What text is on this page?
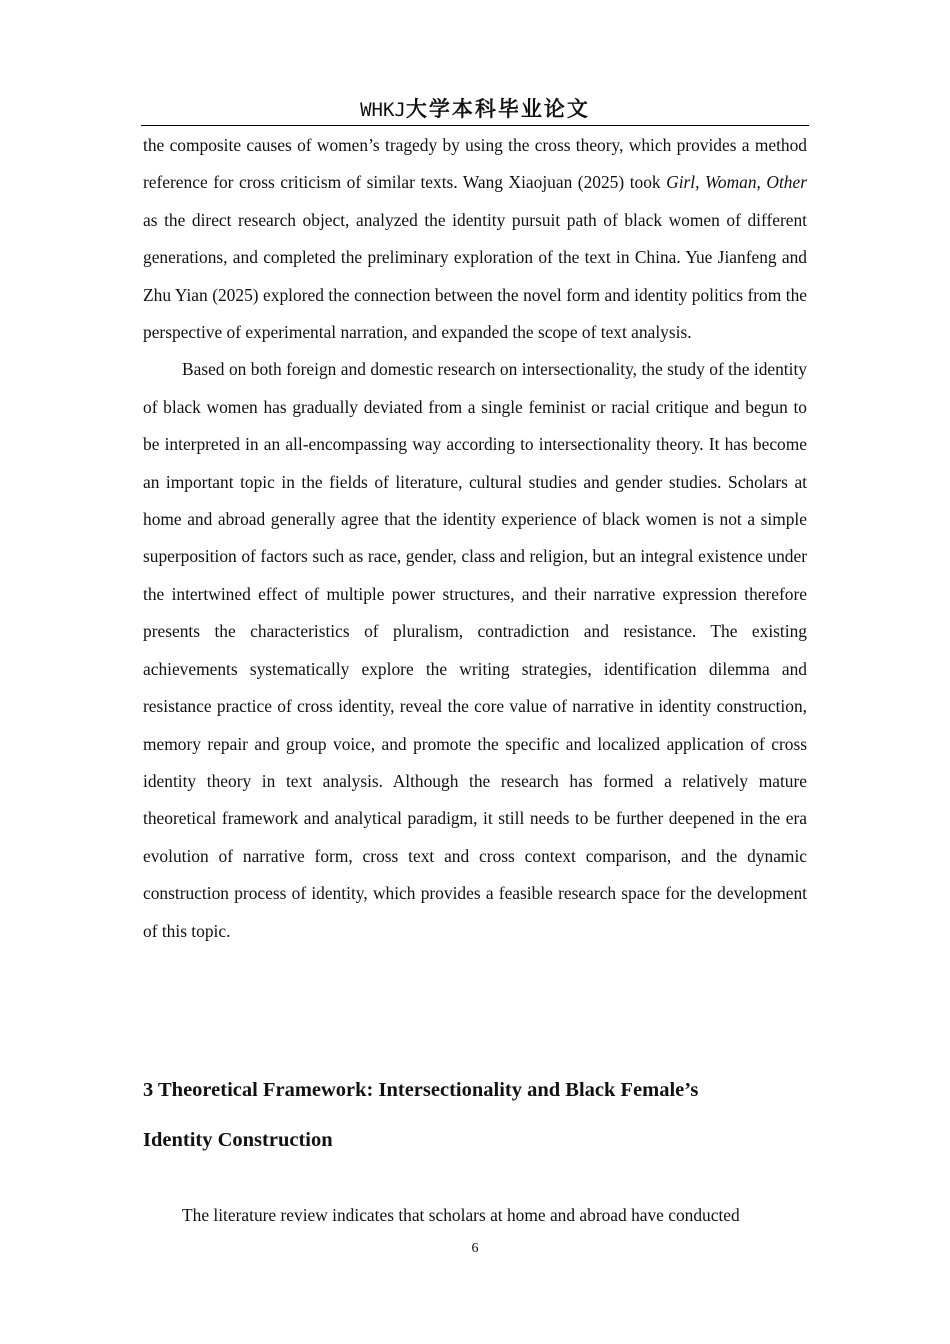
WHKJ大学本科毕业论文

the composite causes of women’s tragedy by using the cross theory, which provides a method reference for cross criticism of similar texts. Wang Xiaojuan (2025) took Girl, Woman, Other as the direct research object, analyzed the identity pursuit path of black women of different generations, and completed the preliminary exploration of the text in China. Yue Jianfeng and Zhu Yian (2025) explored the connection between the novel form and identity politics from the perspective of experimental narration, and expanded the scope of text analysis.

Based on both foreign and domestic research on intersectionality, the study of the identity of black women has gradually deviated from a single feminist or racial critique and begun to be interpreted in an all-encompassing way according to intersectionality theory. It has become an important topic in the fields of literature, cultural studies and gender studies. Scholars at home and abroad generally agree that the identity experience of black women is not a simple superposition of factors such as race, gender, class and religion, but an integral existence under the intertwined effect of multiple power structures, and their narrative expression therefore presents the characteristics of pluralism, contradiction and resistance. The existing achievements systematically explore the writing strategies, identification dilemma and resistance practice of cross identity, reveal the core value of narrative in identity construction, memory repair and group voice, and promote the specific and localized application of cross identity theory in text analysis. Although the research has formed a relatively mature theoretical framework and analytical paradigm, it still needs to be further deepened in the era evolution of narrative form, cross text and cross context comparison, and the dynamic construction process of identity, which provides a feasible research space for the development of this topic.

3 Theoretical Framework: Intersectionality and Black Female’s
Identity Construction

The literature review indicates that scholars at home and abroad have conducted

6
